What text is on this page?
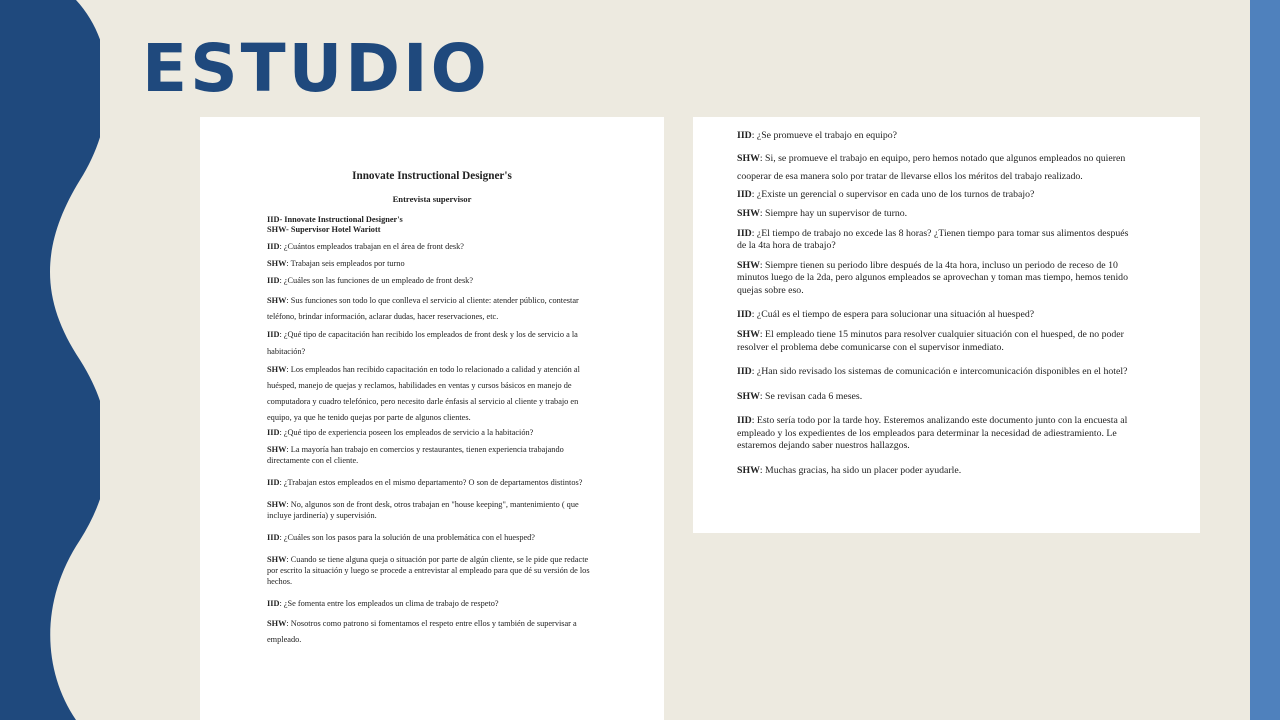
ESTUDIO
Innovate Instructional Designer's
Entrevista supervisor
IID- Innovate Instructional Designer's
SHW- Supervisor Hotel Wariott

IID: ¿Cuántos empleados trabajan en el área de front desk?

SHW: Trabajan seis empleados por turno

IID: ¿Cuáles son las funciones de un empleado de front desk?

SHW: Sus funciones son todo lo que conlleva el servicio al cliente: atender público, contestar teléfono, brindar información, aclarar dudas, hacer reservaciones, etc.

IID: ¿Qué tipo de capacitación han recibido los empleados de front desk y los de servicio a la habitación?

SHW: Los empleados han recibido capacitación en todo lo relacionado a calidad y atención al huésped, manejo de quejas y reclamos, habilidades en ventas y cursos básicos en manejo de computadora y cuadro telefónico, pero necesito darle énfasis al servicio al cliente y trabajo en equipo, ya que he tenido quejas por parte de algunos clientes.

IID: ¿Qué tipo de experiencia poseen los empleados de servicio a la habitación?

SHW: La mayoría han trabajo en comercios y restaurantes, tienen experiencia trabajando directamente con el cliente.

IID: ¿Trabajan estos empleados en el mismo departamento? O son de departamentos distintos?

SHW: No, algunos son de front desk, otros trabajan en "house keeping", mantenimiento ( que incluye jardinería) y supervisión.

IID: ¿Cuáles son los pasos para la solución de una problemática con el huesped?

SHW: Cuando se tiene alguna queja o situación por parte de algún cliente, se le pide que redacte por escrito la situación y luego se procede a entrevistar al empleado para que dé su versión de los hechos.

IID: ¿Se fomenta entre los empleados un clima de trabajo de respeto?

SHW: Nosotros como patrono si fomentamos el respeto entre ellos y también de supervisar a empleado.

IID: ¿Se promueve el trabajo en equipo?

SHW: Si, se promueve el trabajo en equipo, pero hemos notado que algunos empleados no quieren cooperar de esa manera solo por tratar de llevarse ellos los méritos del trabajo realizado.

IID: ¿Existe un gerencial o supervisor en cada uno de los turnos de trabajo?

SHW: Siempre hay un supervisor de turno.

IID: ¿El tiempo de trabajo no excede las 8 horas? ¿Tienen tiempo para tomar sus alimentos después de la 4ta hora de trabajo?

SHW: Siempre tienen su periodo libre después de la 4ta hora, incluso un periodo de receso de 10 minutos luego de la 2da, pero algunos empleados se aprovechan y toman mas tiempo, hemos tenido quejas sobre eso.

IID: ¿Cuál es el tiempo de espera para solucionar una situación al huesped?

SHW: El empleado tiene 15 minutos para resolver cualquier situación con el huesped, de no poder resolver el problema debe comunicarse con el supervisor inmediato.

IID: ¿Han sido revisado los sistemas de comunicación e intercomunicación disponibles en el hotel?

SHW: Se revisan cada 6 meses.

IID: Esto sería todo por la tarde hoy. Esteremos analizando este documento junto con la encuesta al empleado y los expedientes de los empleados para determinar la necesidad de adiestramiento. Le estaremos dejando saber nuestros hallazgos.

SHW: Muchas gracias, ha sido un placer poder ayudarle.
